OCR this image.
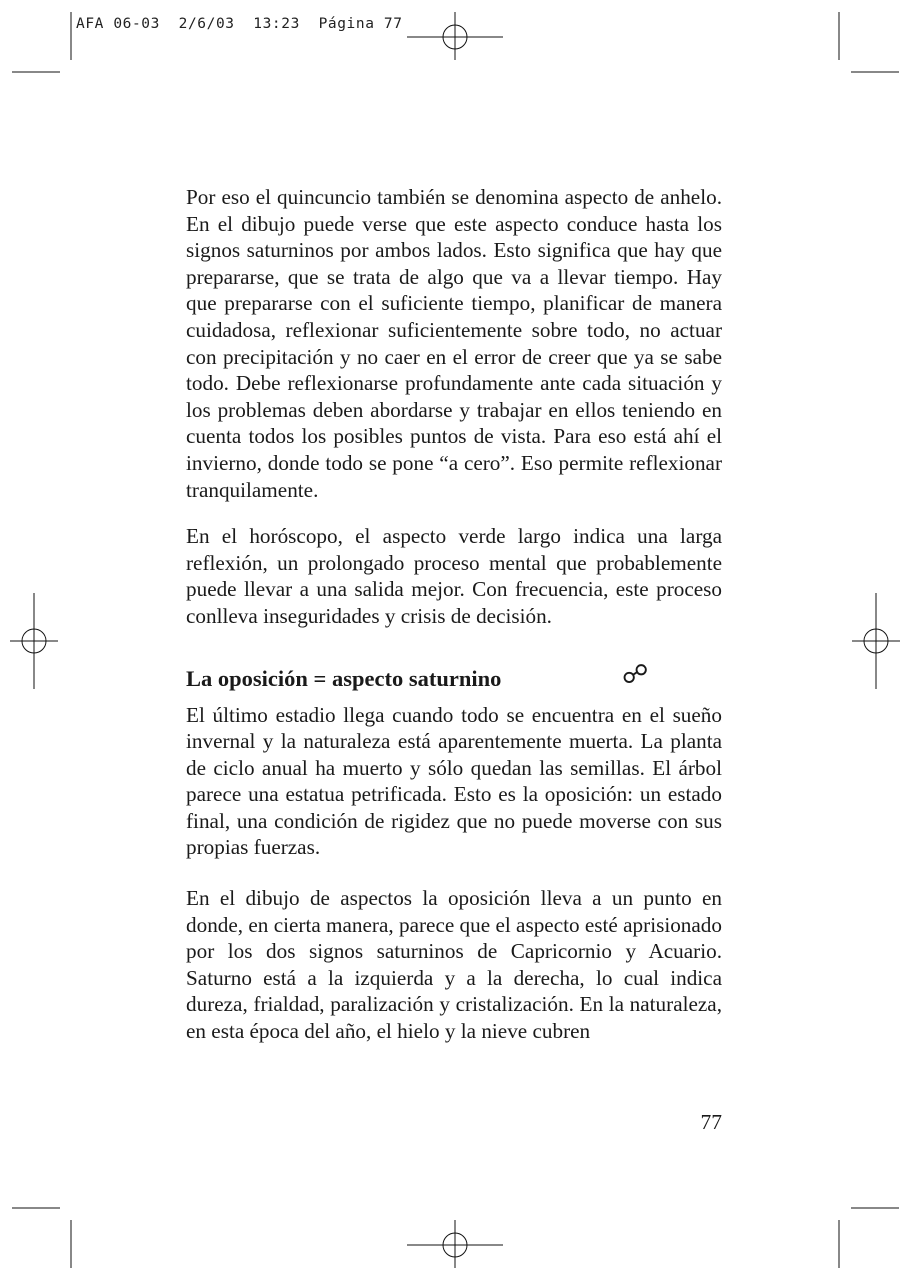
AFA 06-03  2/6/03  13:23  Página 77

Por eso el quincuncio también se denomina aspecto de anhelo. En el dibujo puede verse que este aspecto conduce hasta los signos saturninos por ambos lados. Esto significa que hay que prepararse, que se trata de algo que va a llevar tiempo. Hay que prepararse con el suficiente tiempo, planificar de manera cuidadosa, reflexionar suficientemente sobre todo, no actuar con precipitación y no caer en el error de creer que ya se sabe todo. Debe reflexionarse profundamente ante cada situación y los problemas deben abordarse y trabajar en ellos teniendo en cuenta todos los posibles puntos de vista. Para eso está ahí el invierno, donde todo se pone “a cero”. Eso permite reflexionar tranquilamente.

En el horóscopo, el aspecto verde largo indica una larga reflexión, un prolongado proceso mental que probablemente puede llevar a una salida mejor. Con frecuencia, este proceso conlleva inseguridades y crisis de decisión.

La oposición = aspecto saturnino	☍

El último estadio llega cuando todo se encuentra en el sueño invernal y la naturaleza está aparentemente muerta. La planta de ciclo anual ha muerto y sólo quedan las semillas. El árbol parece una estatua petrificada. Esto es la oposición: un estado final, una condición de rigidez que no puede moverse con sus propias fuerzas.

En el dibujo de aspectos la oposición lleva a un punto en donde, en cierta manera, parece que el aspecto esté aprisionado por los dos signos saturninos de Capricornio y Acuario. Saturno está a la izquierda y a la derecha, lo cual indica dureza, frialdad, paralización y cristalización. En la naturaleza, en esta época del año, el hielo y la nieve cubren

77
